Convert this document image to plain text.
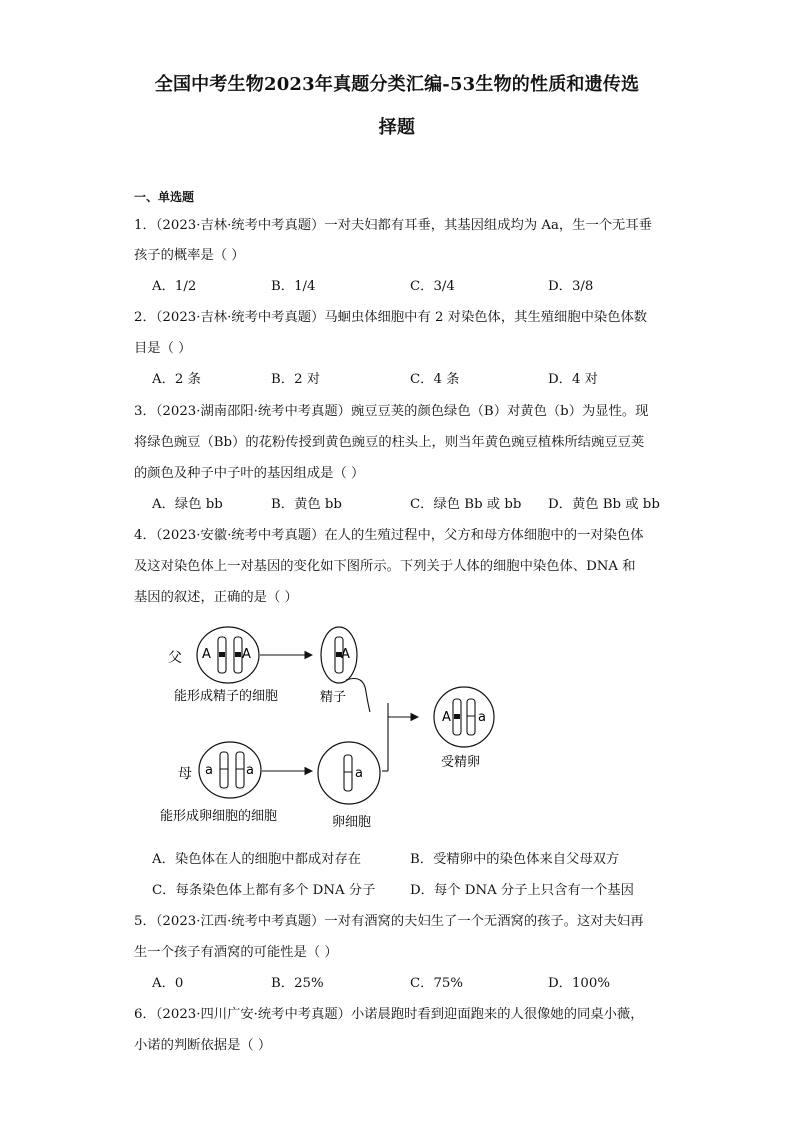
全国中考生物2023年真题分类汇编-53生物的性质和遗传选
择题
一、单选题
1．（2023·吉林·统考中考真题）一对夫妇都有耳垂，其基因组成均为 Aa，生一个无耳垂
孩子的概率是（ ）
A．1/2	B．1/4	C．3/4	D．3/8
2．（2023·吉林·统考中考真题）马蛔虫体细胞中有 2 对染色体，其生殖细胞中染色体数
目是（ ）
A．2 条	B．2 对	C．4 条	D．4 对
3．（2023·湖南邵阳·统考中考真题）豌豆豆荚的颜色绿色（B）对黄色（b）为显性。现
将绿色豌豆（Bb）的花粉传授到黄色豌豆的柱头上，则当年黄色豌豆植株所结豌豆豆荚
的颜色及种子中子叶的基因组成是（ ）
A．绿色 bb	B．黄色 bb	C．绿色 Bb 或 bb D．黄色 Bb 或 bb
4．（2023·安徽·统考中考真题）在人的生殖过程中，父方和母方体细胞中的一对染色体
及这对染色体上一对基因的变化如下图所示。下列关于人体的细胞中染色体、DNA 和
基因的叙述，正确的是（ ）
父 A A
能形成精子的细胞
A
精子
母 a	a
能形成卵细胞的细胞
a
卵细胞
A a
受精卵
A．染色体在人的细胞中都成对存在	B．受精卵中的染色体来自父母双方
C．每条染色体上都有多个 DNA 分子	D．每个 DNA 分子上只含有一个基因
5．（2023·江西·统考中考真题）一对有酒窝的夫妇生了一个无酒窝的孩子。这对夫妇再
生一个孩子有酒窝的可能性是（ ）
A．0	B．25%	C．75%	D．100%
6．（2023·四川广安·统考中考真题）小诺晨跑时看到迎面跑来的人很像她的同桌小薇，
小诺的判断依据是（ ）
